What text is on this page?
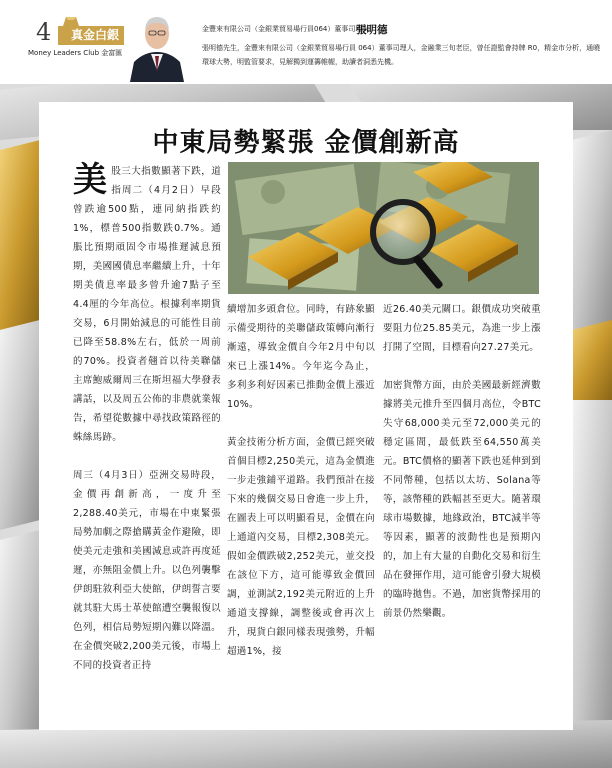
4	真金白銀
Money Leaders Club 金富匯
金豐來有限公司（金銀業貿易場行員064）董事司理人
張明德
張明德先生，金豐來有限公司（金銀業貿易場行員 064）董事司理人，金融業三旬老臣，曾任證監會持牌 R0，精金市分析，通曉環球大勢，明監管要求，見解獨到運籌帷幄，助讀者洞悉先機。
中東局勢緊張 金價創新高

美股三大指數顯著下跌，道指周二（4月2日）早段曾跌逾500點，連同納指跌約1%，標普500指數跌0.7%。通脹比預期頑固令市場推遲減息預期，美國國債息率繼續上升，十年期美債息率最多曾升逾7點子至4.4厘的今年高位。根據利率期貨交易，6月開始減息的可能性目前已降至58.8%左右，低於一周前的70%。投資者翹首以待美聯儲主席鮑威爾周三在斯坦福大學發表講話，以及周五公佈的非農就業報告，希望從數據中尋找政策路徑的蛛絲馬跡。

周三（4月3日）亞洲交易時段，金價再創新高，一度升至2,288.40美元，市場在中東緊張局勢加劇之際搶購黃金作避險，即使美元走強和美國減息或許再度延遲，亦無阻金價上升。以色列襲擊伊朗駐敘利亞大使館，伊朗誓言要就其駐大馬士革使館遭空襲報復以色列，相信局勢短期內難以降溫。在金價突破2,200美元後，市場上不同的投資者正持

續增加多頭倉位。同時，有跡象顯示備受期待的美聯儲政策轉向漸行漸遠，導致金價自今年2月中旬以來已上漲14%。今年迄今為止，多利多利好因素已推動金價上漲近10%。

黃金技術分析方面，金價已經突破首個目標2,250美元，這為金價進一步走強鋪平道路。我們預計在接下來的幾個交易日會進一步上升，在圖表上可以明顯看見，金價在向上通道內交易，目標2,308美元。假如金價跌破2,252美元，並交投在該位下方，這可能導致金價回調，並測試2,192美元附近的上升通道支撐線，調整後或會再次上升，現貨白銀同樣表現強勢，升幅超過1%，接

近26.40美元關口。銀價成功突破重要阻力位25.85美元，為進一步上漲打開了空間，目標看向27.27美元。

加密貨幣方面，由於美國最新經濟數據將美元推升至四個月高位，令BTC失守68,000美元至72,000美元的穩定區間，最低跌至64,550萬美元。BTC價格的顯著下跌也延伸到到不同幣種，包括以太坊、Solana等等，該幣種的跌幅甚至更大。隨著環球市場數據，地緣政治，BTC減半等等因素，顯著的波動性也是預期內的，加上有大量的自動化交易和衍生品在發揮作用，這可能會引發大規模的臨時拋售。不過，加密貨幣採用的前景仍然樂觀。
